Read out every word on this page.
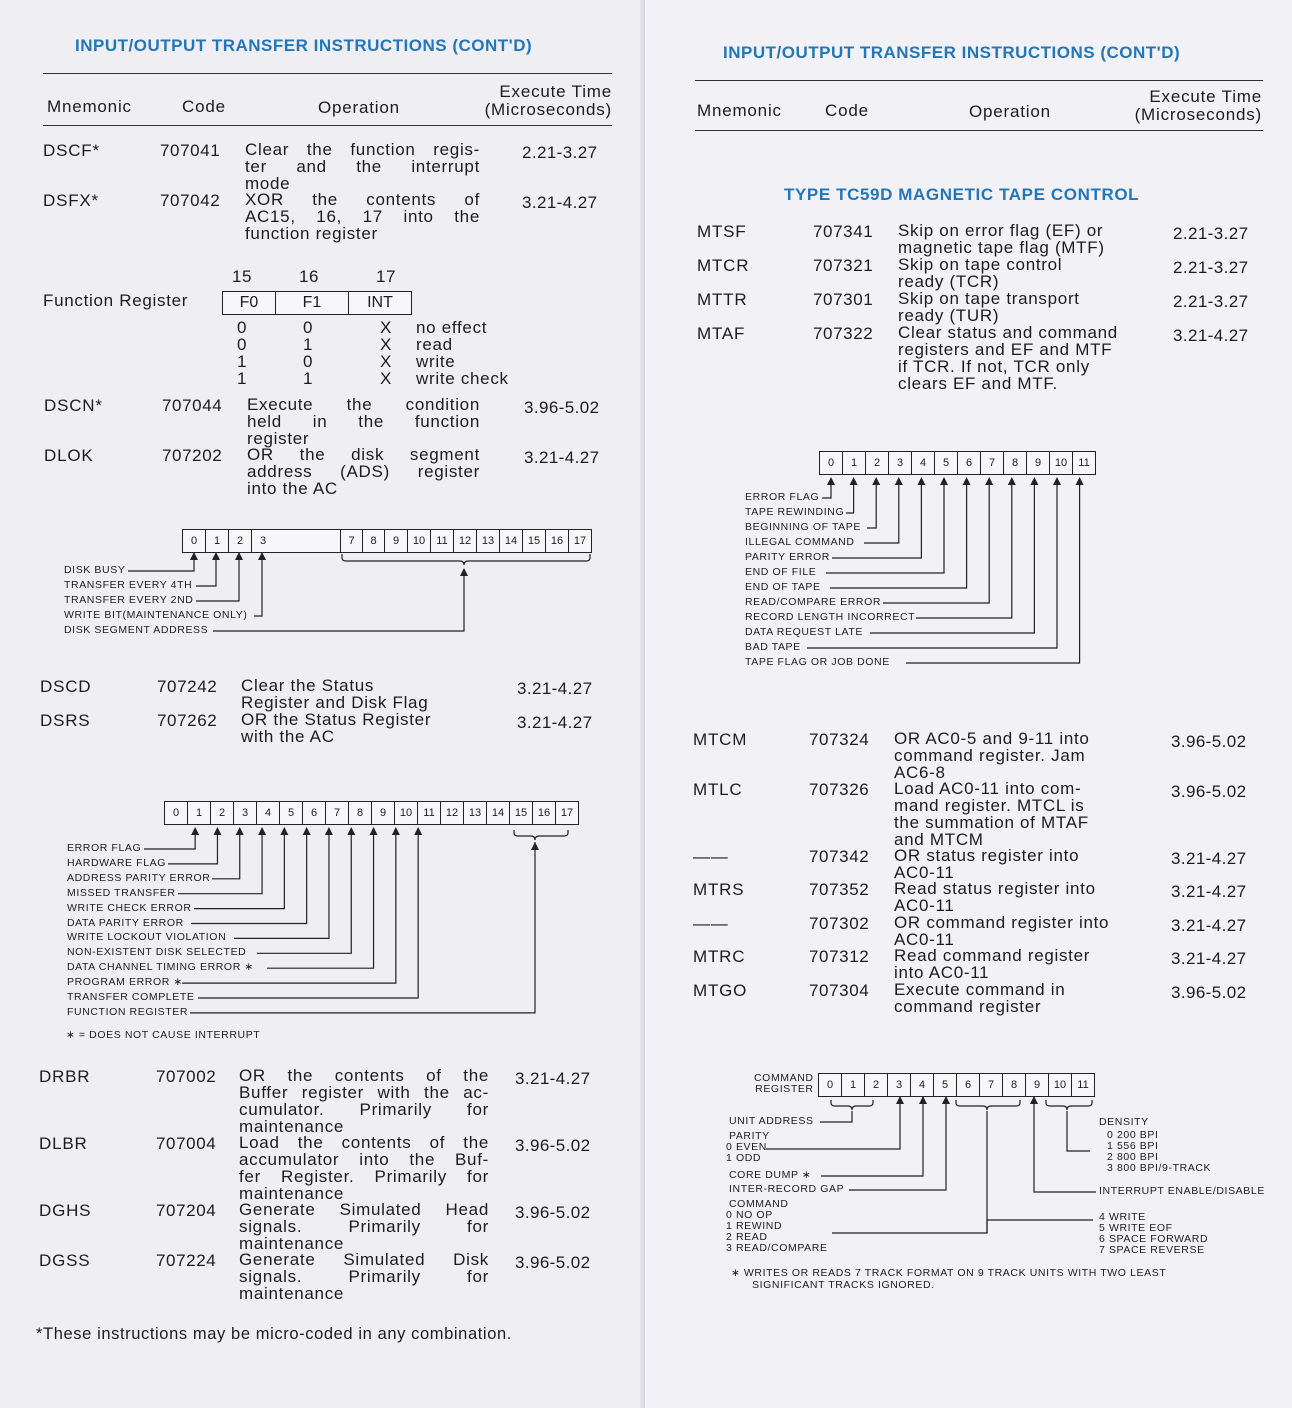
INPUT/OUTPUT TRANSFER INSTRUCTIONS (CONT'D)
Mnemonic	Code	Operation
Execute Time
(Microseconds)
DSCF*	707041 Clear the function regis-
ter and the interrupt
mode
2.21-3.27
DSFX*	707042 XOR the contents of
AC15, 16, 17 into the
function register
3.21-4.27
15	16	17
Function Register	F0	F1	INT
0	0	X no effect
0	1	X read
1	0	X write
1	1	X write check
DSCN*	707044 Execute the condition
held in the function
register
3.96-5.02
DLOK	707202 OR the disk segment
address (ADS) register
into the AC
3.21-4.27
0	1	2	3	7	8	9	10	11	12 13 14 15 16 17
DISK BUSY
TRANSFER EVERY 4TH
TRANSFER EVERY 2ND
WRITE BIT(MAINTENANCE ONLY)
DISK SEGMENT ADDRESS
DSCD	707242 Clear the Status
Register and Disk Flag
3.21-4.27
DSRS	707262 OR the Status Register
with the AC
3.21-4.27
0	1	2	3	4	5	6	7	8	9	10	11	12 13 14 15 16 17
ERROR FLAG
HARDWARE FLAG
ADDRESS PARITY ERROR
MISSED TRANSFER
WRITE CHECK ERROR
DATA PARITY ERROR
WRITE LOCKOUT VIOLATION
NON-EXISTENT DISK SELECTED
DATA CHANNEL TIMING ERROR ∗
PROGRAM ERROR ∗
TRANSFER COMPLETE
FUNCTION REGISTER
∗ = DOES NOT CAUSE INTERRUPT
DRBR	707002 OR the contents of the
Buffer register with the ac-
cumulator. Primarily for
maintenance
3.21-4.27
DLBR	707004 Load the contents of the
accumulator into the Buf-
fer Register. Primarily for
maintenance
3.96-5.02
DGHS	707204 Generate Simulated Head
signals. Primarily for
maintenance
3.96-5.02
DGSS	707224 Generate Simulated Disk
signals. Primarily for
maintenance
3.96-5.02
*These instructions may be micro-coded in any combination.
INPUT/OUTPUT TRANSFER INSTRUCTIONS (CONT'D)
Mnemonic	Code	Operation
Execute Time
(Microseconds)
TYPE TC59D MAGNETIC TAPE CONTROL
MTSF	707341 Skip on error flag (EF) or
magnetic tape flag (MTF)
2.21-3.27
MTCR	707321 Skip on tape control
ready (TCR)
2.21-3.27
MTTR	707301 Skip on tape transport
ready (TUR)
2.21-3.27
MTAF	707322 Clear status and command
registers and EF and MTF
if TCR. If not, TCR only
clears EF and MTF.
3.21-4.27
0	1	2	3	4	5	6	7	8	9	10	11
ERROR FLAG
TAPE REWINDING
BEGINNING OF TAPE
ILLEGAL COMMAND
PARITY ERROR
END OF FILE
END OF TAPE
READ/COMPARE ERROR
RECORD LENGTH INCORRECT
DATA REQUEST LATE
BAD TAPE
TAPE FLAG OR JOB DONE
MTCM	707324 OR AC0-5 and 9-11 into
command register. Jam
AC6-8
3.96-5.02
MTLC	707326 Load AC0-11 into com-
mand register. MTCL is
the summation of MTAF
and MTCM
3.96-5.02
——	707342 OR status register into
AC0-11
3.21-4.27
MTRS	707352 Read status register into
AC0-11
3.21-4.27
——	707302 OR command register into
AC0-11
3.21-4.27
MTRC	707312 Read command register
into AC0-11
3.21-4.27
MTGO	707304 Execute command in
command register
3.96-5.02
COMMAND
REGISTER	0	1	2	3	4	5	6	7	8	9	10	11
UNIT ADDRESS
PARITY
0 EVEN
1 ODD
CORE DUMP ∗
INTER-RECORD GAP
COMMAND
0 NO OP
1 REWIND
2 READ
3 READ/COMPARE
DENSITY
0 200 BPI
1 556 BPI
2 800 BPI
3 800 BPI/9-TRACK
INTERRUPT ENABLE/DISABLE
4 WRITE
5 WRITE EOF
6 SPACE FORWARD
7 SPACE REVERSE
∗ WRITES OR READS 7 TRACK FORMAT ON 9 TRACK UNITS WITH TWO LEAST
SIGNIFICANT TRACKS IGNORED.
